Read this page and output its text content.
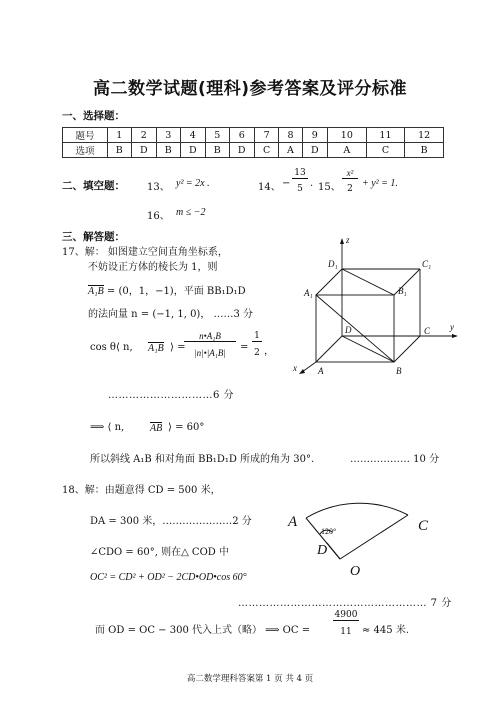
高二数学试题(理科)参考答案及评分标准
一、选择题：
题号	1	2	3	4	5	6	7	8	9	10	11	12
选项	B	D	B	D	B	D	C	A	D	A	C	B
二、填空题： 13、 y² = 2x .	14、 −
13
5 . 15、
x²
2 + y² = 1.
16、 m ≤ −2
三、解答题：
17、解： 如图建立空间直角坐标系，
不妨设正方体的棱长为 1，则
A₁B = (0，1，−1)，平面 BB₁D₁D
的法向量 n = (−1, 1, 0)， ……3 分
cos θ⟨ n, A₁B ⟩ =
n•A₁B
|n|•|A₁B|	=
1
2 ，
…………………………6 分
⟹ ⟨ n,	AB ⟩ = 60°
所以斜线 A₁B 和对角面 BB₁D₁D 所成的角为 30°.	……………… 10 分
18、解：由题意得 CD = 500 米，
DA = 300 米，…………………2 分
∠CDO = 60°, 则在△ COD 中
OC² = CD² + OD² − 2CD•OD•cos 60°
……………………………………………… 7 分
而 OD = OC − 300 代入上式（略） ⟹ OC =
4900
11	≈ 445 米.
z
y
x
D₁	C₁
A₁	B₁
D	C
A	B
A	C
D
O
120°
高二数学理科答案第 1 页 共 4 页
